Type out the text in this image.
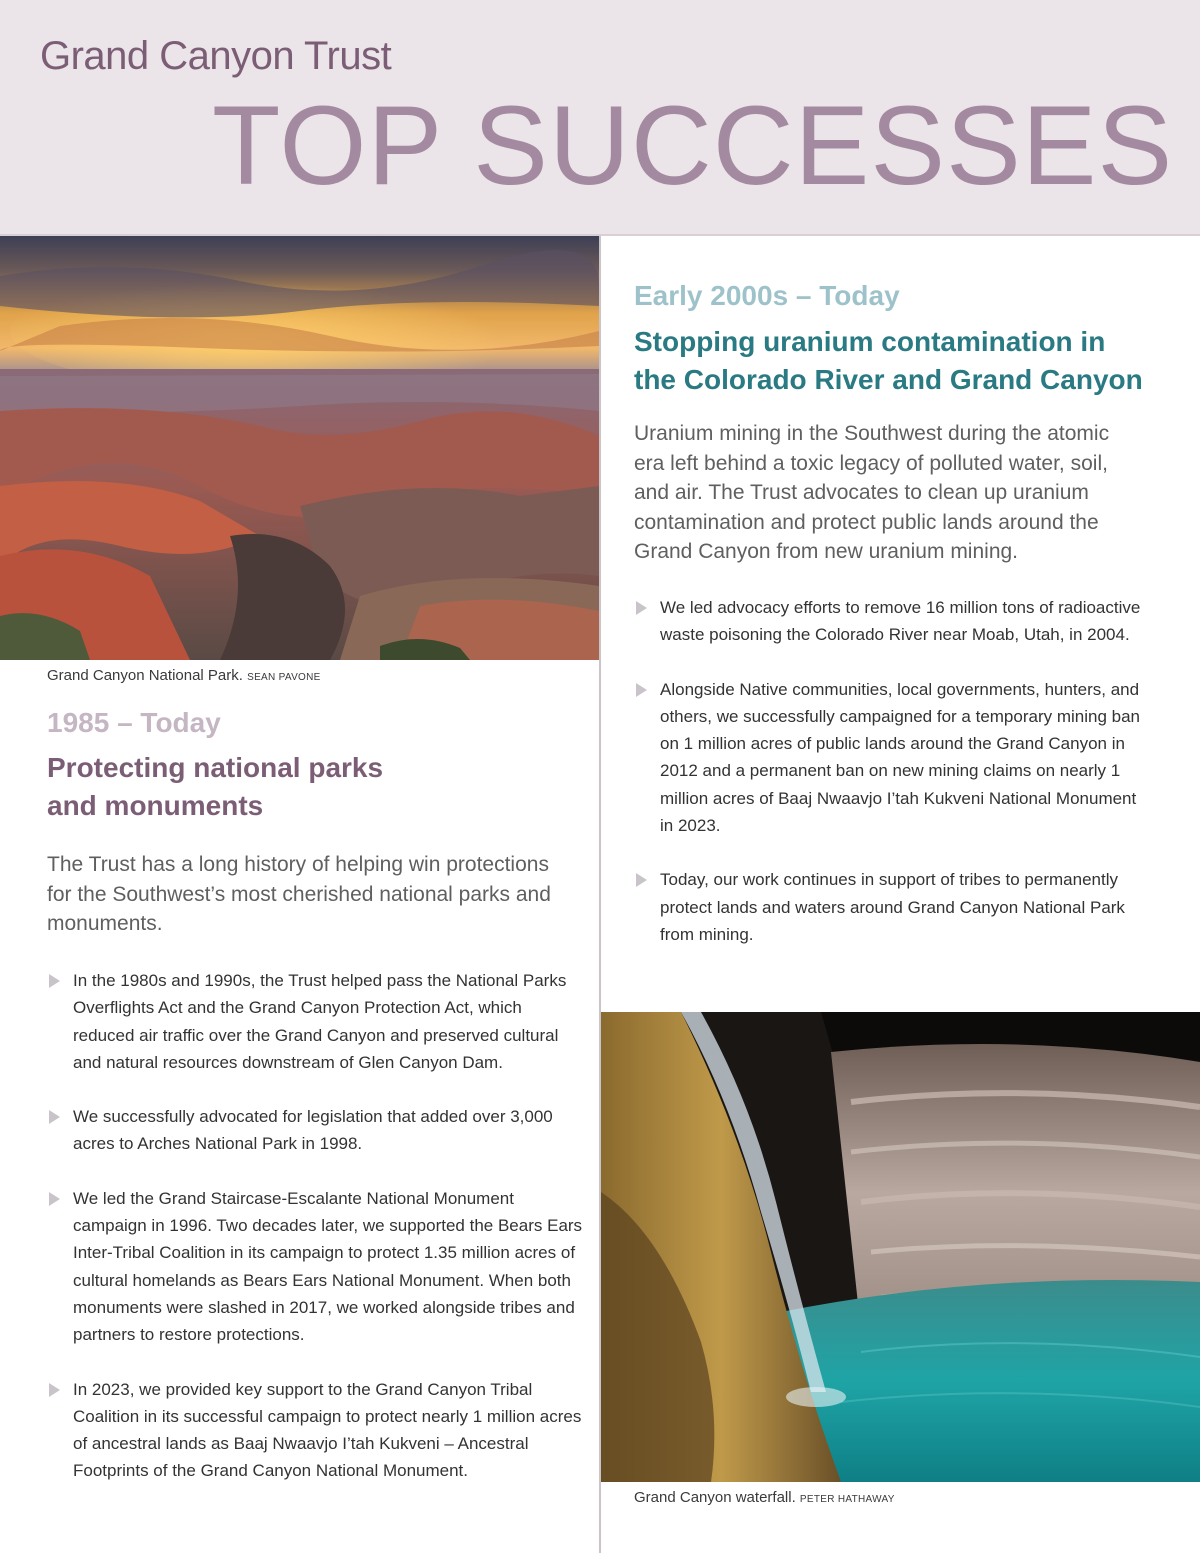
Grand Canyon Trust
TOP SUCCESSES
Grand Canyon National Park. SEAN PAVONE
1985 – Today
Protecting national parks
and monuments
The Trust has a long history of helping win protections for the Southwest’s most cherished national parks and monuments.
In the 1980s and 1990s, the Trust helped pass the National Parks Overflights Act and the Grand Canyon Protection Act, which reduced air traffic over the Grand Canyon and preserved cultural and natural resources downstream of Glen Canyon Dam.
We successfully advocated for legislation that added over 3,000 acres to Arches National Park in 1998.
We led the Grand Staircase-Escalante National Monument campaign in 1996. Two decades later, we supported the Bears Ears Inter-Tribal Coalition in its campaign to protect 1.35 million acres of cultural homelands as Bears Ears National Monument. When both monuments were slashed in 2017, we worked alongside tribes and partners to restore protections.
In 2023, we provided key support to the Grand Canyon Tribal Coalition in its successful campaign to protect nearly 1 million acres of ancestral lands as Baaj Nwaavjo I’tah Kukveni – Ancestral Footprints of the Grand Canyon National Monument.
Early 2000s – Today
Stopping uranium contamination in
the Colorado River and Grand Canyon
Uranium mining in the Southwest during the atomic era left behind a toxic legacy of polluted water, soil, and air. The Trust advocates to clean up uranium contamination and protect public lands around the Grand Canyon from new uranium mining.
We led advocacy efforts to remove 16 million tons of radioactive waste poisoning the Colorado River near Moab, Utah, in 2004.
Alongside Native communities, local governments, hunters, and others, we successfully campaigned for a temporary mining ban on 1 million acres of public lands around the Grand Canyon in 2012 and a permanent ban on new mining claims on nearly 1 million acres of Baaj Nwaavjo I’tah Kukveni National Monument in 2023.
Today, our work continues in support of tribes to permanently protect lands and waters around Grand Canyon National Park from mining.
Grand Canyon waterfall. PETER HATHAWAY
